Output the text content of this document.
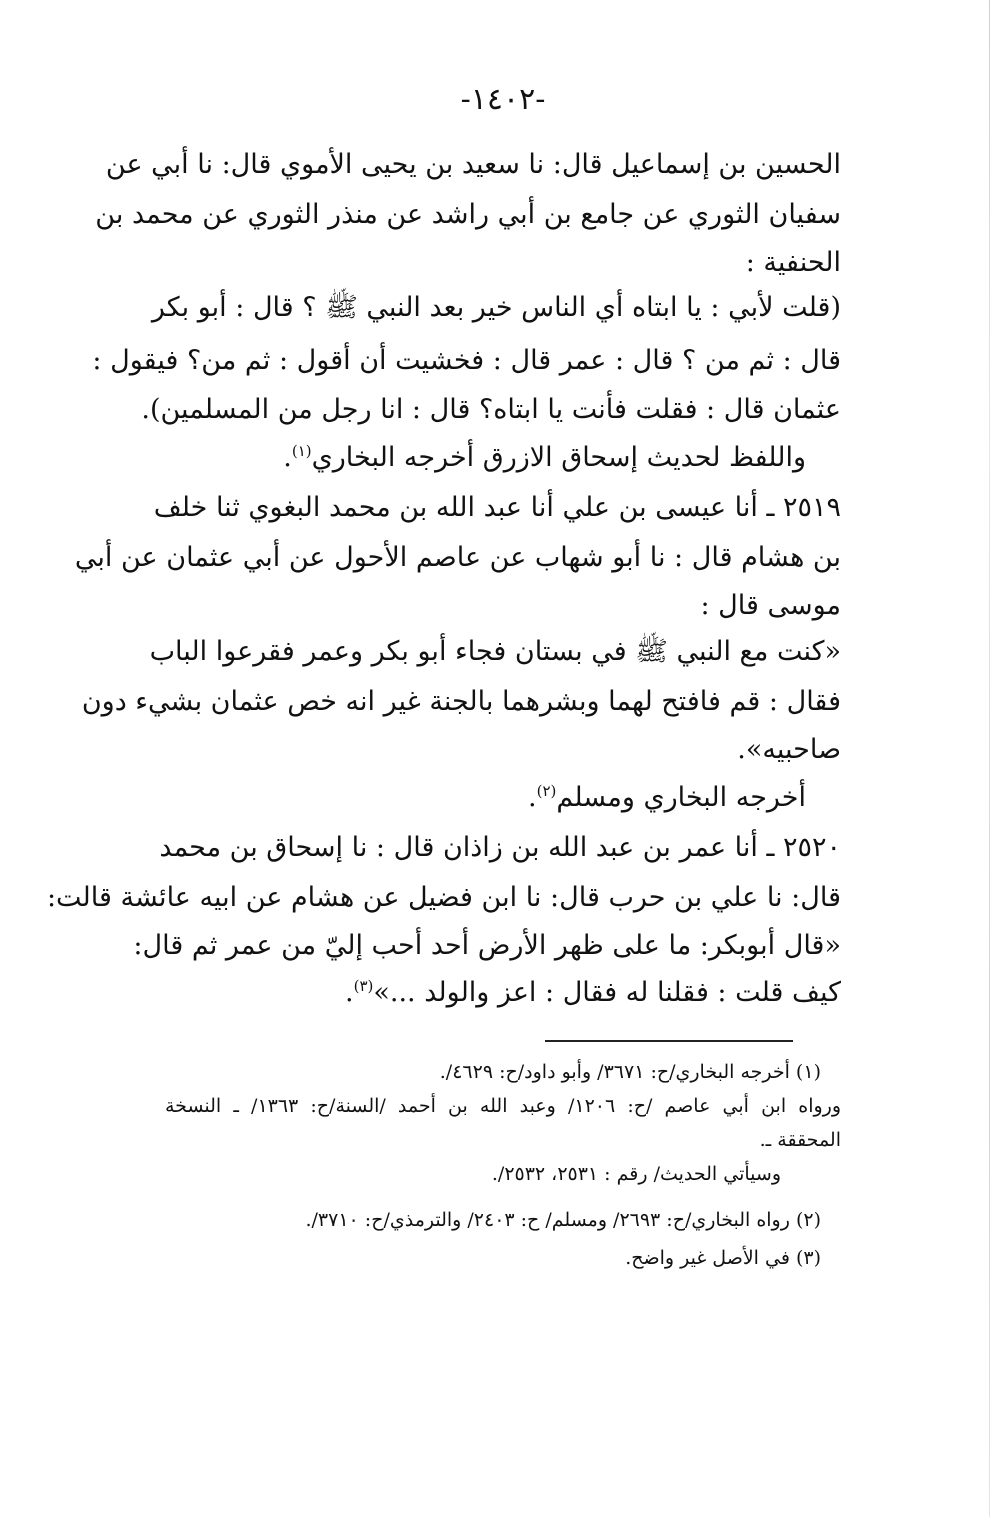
-١٤٠٢-
الحسين بن إسماعيل قال: نا سعيد بن يحيى الأموي قال: نا أبي عن
سفيان الثوري عن جامع بن أبي راشد عن منذر الثوري عن محمد بن
الحنفية :
(قلت لأبي : يا ابتاه أي الناس خير بعد النبي ﷺ ؟ قال : أبو بكر
قال : ثم من ؟ قال : عمر قال : فخشيت أن أقول : ثم من؟ فيقول :
عثمان قال : فقلت فأنت يا ابتاه؟ قال : انا رجل من المسلمين).
واللفظ لحديث إسحاق الازرق أخرجه البخاري$^{(١)}$.
٢٥١٩ ـ أنا عيسى بن علي أنا عبد الله بن محمد البغوي ثنا خلف
بن هشام قال : نا أبو شهاب عن عاصم الأحول عن أبي عثمان عن أبي
موسى قال :
«كنت مع النبي ﷺ في بستان فجاء أبو بكر وعمر فقرعوا الباب
فقال : قم فافتح لهما وبشرهما بالجنة غير انه خص عثمان بشيء دون
صاحبيه».
أخرجه البخاري ومسلم$^{(٢)}$.
٢٥٢٠ ـ أنا عمر بن عبد الله بن زاذان قال : نا إسحاق بن محمد
قال: نا علي بن حرب قال: نا ابن فضيل عن هشام عن ابيه عائشة قالت:
«قال أبوبكر: ما على ظهر الأرض أحد أحب إليّ من عمر ثم قال:
كيف قلت : فقلنا له فقال : اعز والولد ...»$^{(٣)}$.
(١) أخرجه البخاري/ح: ٣٦٧١/ وأبو داود/ح: ٤٦٢٩/.
ورواه ابن أبي عاصم /ح: ١٢٠٦/ وعبد الله بن أحمد /السنة/ح: ١٣٦٣/ ـ النسخة
المحققة ـ.
وسيأتي الحديث/ رقم : ٢٥٣١، ٢٥٣٢/.
(٢) رواه البخاري/ح: ٢٦٩٣/ ومسلم/ ح: ٢٤٠٣/ والترمذي/ح: ٣٧١٠/.
(٣) في الأصل غير واضح.
